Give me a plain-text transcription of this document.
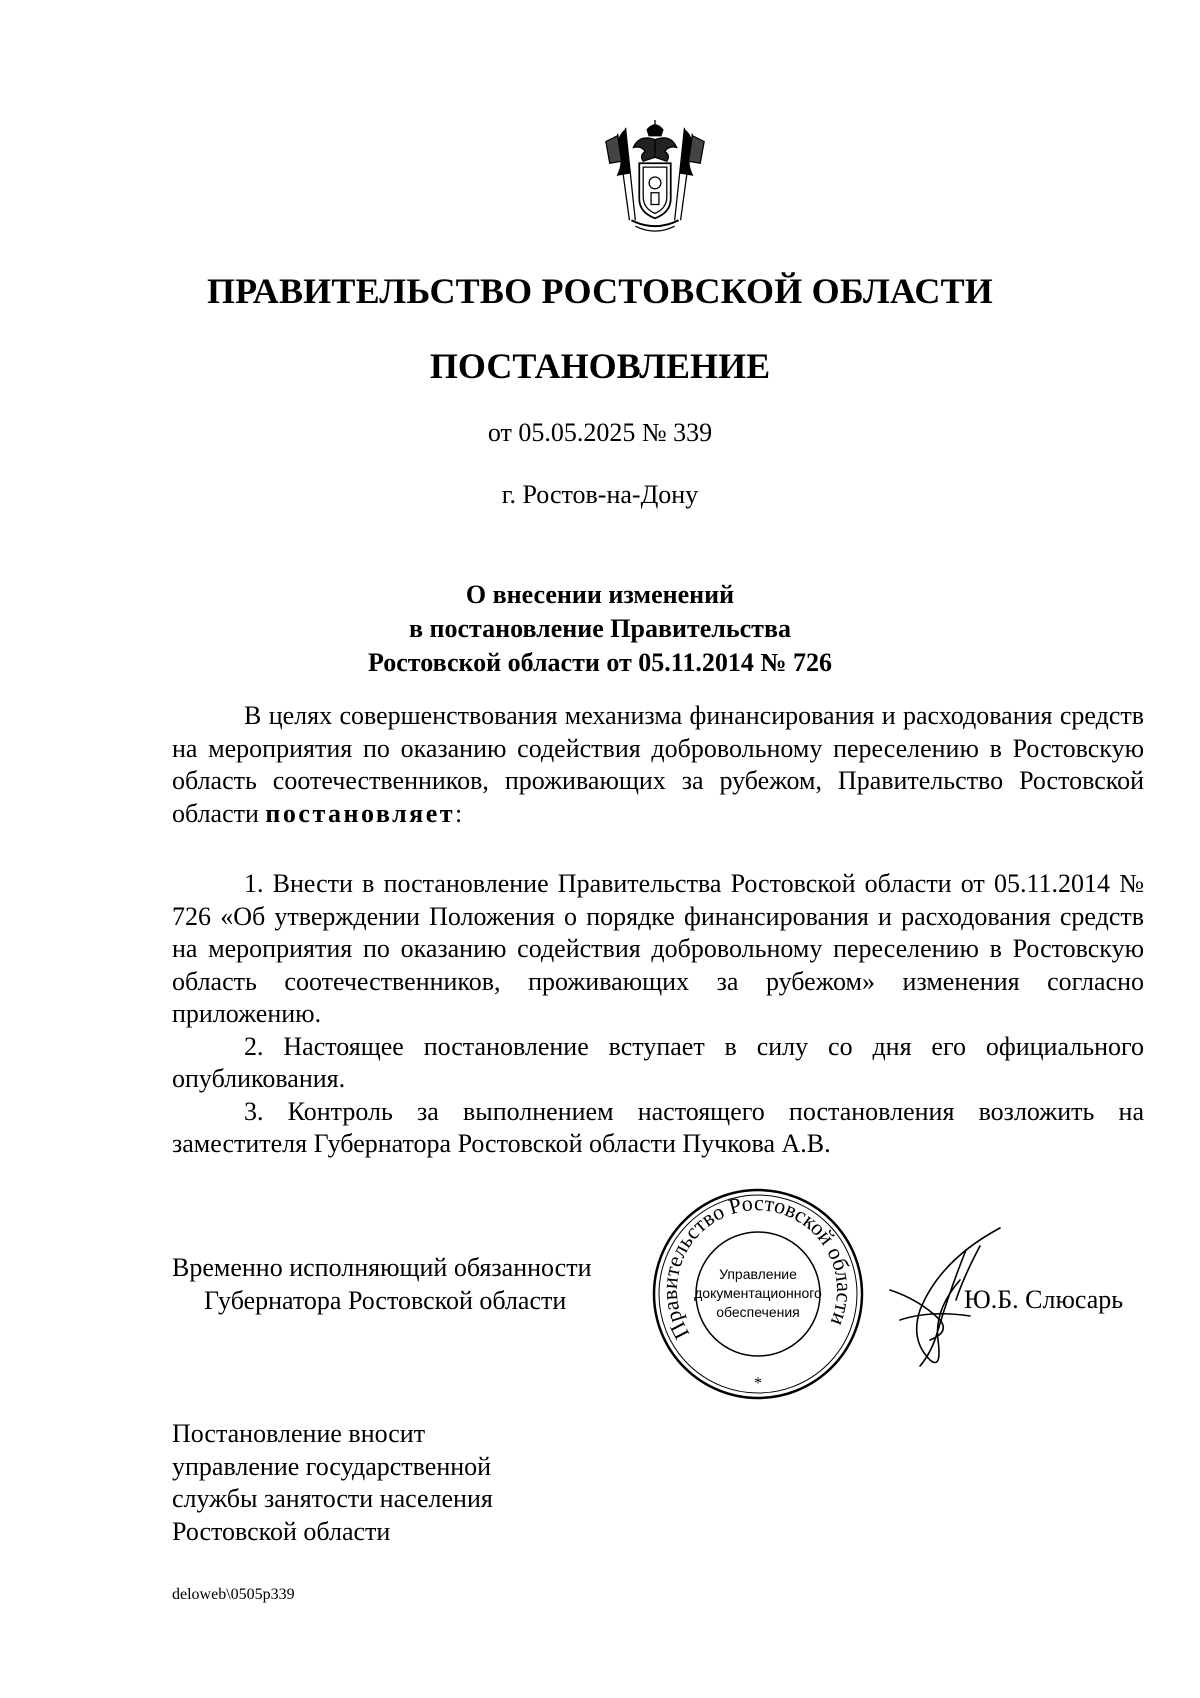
ПРАВИТЕЛЬСТВО РОСТОВСКОЙ ОБЛАСТИ
ПОСТАНОВЛЕНИЕ
от 05.05.2025 № 339
г. Ростов-на-Дону
О внесении изменений
в постановление Правительства
Ростовской области от 05.11.2014 № 726

В целях совершенствования механизма финансирования и расходования средств на мероприятия по оказанию содействия добровольному переселению в Ростовскую область соотечественников, проживающих за рубежом, Правительство Ростовской области постановляет:

1. Внести в постановление Правительства Ростовской области от 05.11.2014 № 726 «Об утверждении Положения о порядке финансирования и расходования средств на мероприятия по оказанию содействия добровольному переселению в Ростовскую область соотечественников, проживающих за рубежом» изменения согласно приложению.

2. Настоящее постановление вступает в силу со дня его официального опубликования.

3. Контроль за выполнением настоящего постановления возложить на заместителя Губернатора Ростовской области Пучкова А.В.

Временно исполняющий обязанности
Губернатора Ростовской области
Правительство Ростовской области
Управление
документационного
обеспечения
*
Ю.Б. Слюсарь
Постановление вносит
управление государственной
службы занятости населения
Ростовской области
deloweb\0505p339
